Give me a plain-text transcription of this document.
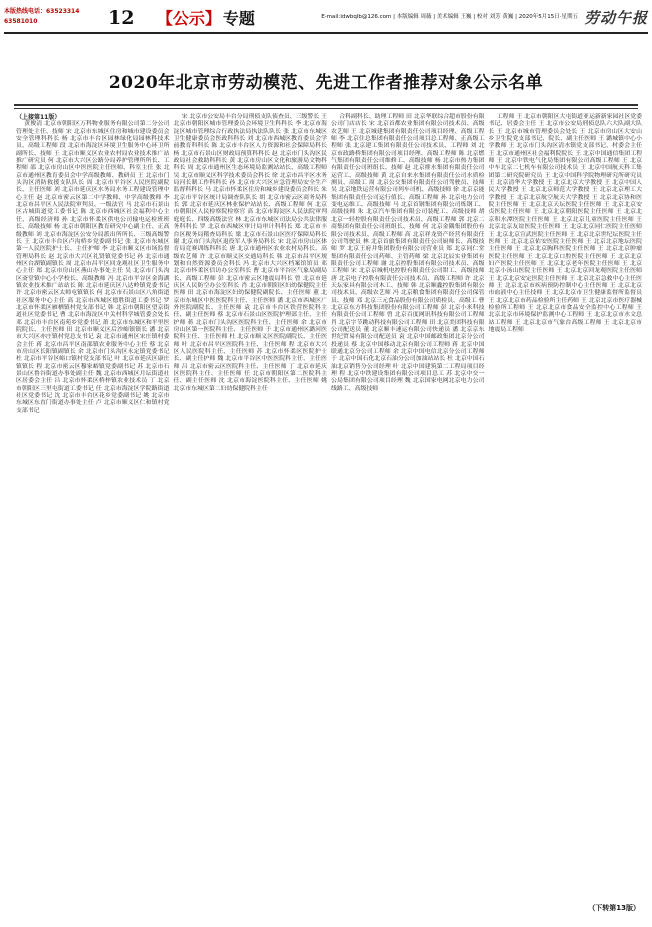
本版热线电话：63523314 63581010	12	【公示】 专题	E-mail:ldwbqlb@126.com | 本版编辑 周薇 | 美术编辑 王巍 | 校对 刘芳 黄巍 | 2020年5月15日·星期五 劳动午报
2020年北京市劳动模范、先进工作者推荐对象公示名单
（上接第11版）
黄俊清 北京市朝阳区万科物业服务有限公司第二分公司管理处主任、技师 宋 北京市东城区住房和城市建设委员会安全管理科科长 杨 北京市丰台区园林绿化局园林科技术员、高级工程师 段 北京市海淀区环境卫生服务中心环卫所副所长、技师 王 北京市顺义区农业农村局农业技术推广站推广研究员 何 北京市大兴区公路分局养护管理所所长、工程师 邵 北京市房山区中医医院主任医师、科室主任 张 北京市通州区教育委员会中学高级教师、教研员 王 北京市门头沟区消防救援支队队长 周 北京市平谷区人民医院副院长、主任医师 刘 北京市延庆区水务局水务工程建设管理中心主任 赵 北京市密云区第二中学教师、中学高级教师 李 北京市昌平区人民法院审判员、一级法官 马 北京市石景山区古城街道党工委书记 陈 北京市西城区社会福利中心主任、高级经济师 孙 北京市怀柔区供电公司输电运检班班长、高级技师 杨 北京市朝阳区教育研究中心副主任、正高级教师 刘 北京市海淀区公安分局派出所所长、三级高级警长 王 北京市丰台区卢沟桥乡党委副书记 张 北京市东城区第一人民医院护士长、主任护师 李 北京市顺义区市场监督管理局科长 赵 北京市大兴区礼贤镇党委书记 孙 北京市通州区台湖镇副镇长 周 北京市昌平区回龙观社区卫生服务中心主任 郑 北京市房山区燕山办事处主任 吴 北京市门头沟区斋堂镇中心小学校长、高级教师 冯 北京市平谷区金海湖镇农业技术推广站站长 陈 北京市延庆区八达岭镇党委书记 许 北京市密云区太师屯镇镇长 何 北京市石景山区八角街道社区服务中心主任 高 北京市西城区德胜街道工委书记 罗 北京市怀柔区雁栖镇村党支部书记 韩 北京市朝阳区望京街道社区党委书记 曹 北京市海淀区中关村科学城管委会处长 邓 北京市丰台区南苑乡党委书记 萧 北京市东城区和平里医院院长、主任医师 田 北京市顺义区后沙峪镇镇长 潘 北京市大兴区亦庄镇村党总支书记 袁 北京市通州区宋庄镇村委会主任 蒋 北京市昌平区南邵镇农业服务中心主任 蔡 北京市房山区长阳镇副镇长 余 北京市门头沟区永定镇党委书记 杜 北京市平谷区峪口镇村党支部书记 叶 北京市延庆区康庄镇镇长 程 北京市密云区穆家峪镇党委副书记 苏 北京市石景山区鲁谷街道办事处副主任 魏 北京市西城区月坛街道社区居委会主任 吕 北京市怀柔区桥梓镇农业技术员 丁 北京市朝阳区三里屯街道工委书记 任 北京市海淀区学院路街道社区党委书记 沈 北京市丰台区花乡党委副书记 姚 北京市东城区东直门街道办事处主任 卢 北京市顺义区仁和镇村党支部书记
宋 北京市公安局丰台分局刑侦支队侦查员、三级警长 王 北京市朝阳区城市管理委员会环境卫生科科长 李 北京市海淀区城市管理综合行政执法局执法队队长 张 北京市东城区卫生健康委员会医政科科长 刘 北京市西城区教育委员会学前教育科科长 陈 北京市丰台区人力资源和社会保障局科长 杨 北京市石景山区财政局预算科科长 赵 北京市门头沟区民政局社会救助科科长 黄 北京市房山区文化和旅游局文物科科长 周 北京市通州区生态环境局监测站站长、高级工程师 吴 北京市顺义区科学技术委员会科长 徐 北京市昌平区水务局河长制工作科科长 孙 北京市大兴区应急管理局安全生产监督科科长 马 北京市怀柔区住房和城乡建设委员会科长 朱 北京市平谷区统计局调查队队长 胡 北京市密云区商务局科长 郭 北京市延庆区林业保护站站长、高级工程师 何 北京市朝阳区人民检察院检察官 高 北京市海淀区人民法院审判庭庭长、四级高级法官 林 北京市东城区司法局公共法律服务科科长 罗 北京市西城区审计局审计科科长 郑 北京市丰台区税务局稽查局科长 梁 北京市石景山区医疗保障局科长 谢 北京市门头沟区退役军人事务局科长 宋 北京市房山区体育局竞赛训练科科长 唐 北京市通州区农业农村局科长、高级农艺师 许 北京市顺义区交通局科长 韩 北京市昌平区规划和自然资源委员会科长 冯 北京市大兴区档案馆馆员 邓 北京市怀柔区信访办公室科长 曹 北京市平谷区气象局副局长、高级工程师 彭 北京市密云区地震局科长 曾 北京市延庆区人民防空办公室科长 肖 北京市朝阳区妇幼保健院主任医师 田 北京市海淀区妇幼保健院副院长、主任医师 董 北京市东城区中医医院科主任、主任医师 潘 北京市西城区广外医院副院长、主任医师 袁 北京市丰台区铁营医院科主任、副主任医师 蔡 北京市石景山区医院护理部主任、主任护师 蒋 北京市门头沟区医院科主任、主任医师 余 北京市房山区第一医院科主任、主任医师 于 北京市通州区潞河医院科主任、主任医师 杜 北京市顺义区医院副院长、主任医师 叶 北京市昌平区医院科主任、主任医师 程 北京市大兴区人民医院科主任、主任医师 苏 北京市怀柔区医院护士长、副主任护师 魏 北京市平谷区中医医院科主任、主任医师 吕 北京市密云区医院科主任、主任医师 丁 北京市延庆区医院科主任、主任医师 任 北京市朝阳区第二医院科主任、副主任医师 沈 北京市海淀医院科主任、主任医师 姚 北京市东城区第二妇幼保健院科主任
合科副科长、助理工程师 田 北京华联综合超市股份有限公司门店店长 宋 北京首都农业集团有限公司技术员、高级农艺师 王 北京城建集团有限责任公司项目经理、高级工程师 李 北京住总集团有限责任公司项目总工程师、正高级工程师 张 北京建工集团有限责任公司技术员、工程师 刘 北京市政路桥集团有限公司项目经理、高级工程师 陈 北京燃气集团有限责任公司维修工、高级技师 杨 北京市热力集团有限责任公司班组长、技师 赵 北京排水集团有限责任公司运营工、高级技师 黄 北京自来水集团有限责任公司水质检测员、高级工 周 北京公交集团有限责任公司驾驶员、技师 吴 北京地铁运营有限公司列车司机、高级技师 徐 北京京能集团有限责任公司运行值长、高级工程师 孙 北京电力公司变电运维工、高级技师 马 北京首钢集团有限公司炼钢工、高级技师 朱 北京汽车集团有限公司装配工、高级技师 胡 北京一轻控股有限责任公司技术员、高级工程师 郭 北京二商集团有限责任公司班组长、技师 何 北京金隅集团股份有限公司技术员、高级工程师 高 北京祥龙资产经营有限责任公司驾驶员 林 北京首旅集团有限责任公司厨师长、高级技师 罗 北京王府井集团股份有限公司营业员 郑 北京同仁堂集团有限责任公司药师、主管药师 梁 北京北辰实业集团有限责任公司工程师 谢 北京控股集团有限公司技术员、高级工程师 宋 北京京城机电控股有限责任公司钳工、高级技师 唐 北京电子控股有限责任公司技术员、高级工程师 许 北京天坛家具有限公司木工、技师 韩 北京顺鑫控股集团有限公司技术员、高级农艺师 冯 北京粮食集团有限责任公司保管员、技师 邓 北京三元食品股份有限公司质检员、高级工 曹 北京京东方科技集团股份有限公司工程师 彭 北京小米科技有限责任公司工程师 曾 北京百度网讯科技有限公司工程师 肖 北京字节跳动科技有限公司工程师 田 北京美团科技有限公司配送员 董 北京顺丰速运有限公司快递员 潘 北京京东世纪贸易有限公司配送员 袁 北京中国邮政集团北京分公司投递员 蔡 北京中国移动北京有限公司工程师 蒋 北京中国联通北京分公司工程师 余 北京中国电信北京分公司工程师 于 北京中国石化北京石油分公司加油站站长 杜 北京中国石油北京销售分公司经理 叶 北京中国建筑第二工程局项目经理 程 北京中铁建设集团有限公司项目总工 苏 北京中交一公局集团有限公司项目经理 魏 北京国家电网北京电力公司线路工、高级技师
工程师 王 北京市朝阳区大屯街道亚运新新家园社区党委书记、居委会主任 王 北京市公安局刑侦总队六大队副大队长 王 北京市城市管理委员会处长 王 北京市房山区大安山乡卫生院党支部书记、院长、副主任医师 王 潞城镇中心小学教师 王 北京市门头沟区清水镇党支部书记、村委会主任 王 北京市通州区社会福利院院长 王 北京中国通信集团工程师 王 北京中铁电气化局集团有限公司高级工程师 王 北京中车北京二七机车有限公司技术员 王 北京中国航天科工集团第二研究院研究员 王 北京中国科学院物理研究所研究员 王 北京清华大学教授 王 北京北京大学教授 王 北京中国人民大学教授 王 北京北京师范大学教授 王 北京北京理工大学教授 王 北京北京航空航天大学教授 王 北京北京协和医院主任医师 王 北京北京天坛医院主任医师 王 北京北京安贞医院主任医师 王 北京北京朝阳医院主任医师 王 北京北京积水潭医院主任医师 王 北京北京儿童医院主任医师 王 北京北京友谊医院主任医师 王 北京北京同仁医院主任医师 王 北京北京宣武医院主任医师 王 北京北京世纪坛医院主任医师 王 北京北京佑安医院主任医师 王 北京北京地坛医院主任医师 王 北京北京胸科医院主任医师 王 北京北京肿瘤医院主任医师 王 北京北京口腔医院主任医师 王 北京北京妇产医院主任医师 王 北京北京老年医院主任医师 王 北京北京小汤山医院主任医师 王 北京北京回龙观医院主任医师 王 北京北京安定医院主任医师 王 北京北京急救中心主任医师 王 北京北京市疾病预防控制中心主任医师 王 北京北京市血液中心主任技师 王 北京北京市卫生健康监督所监督员 王 北京北京市药品检验所主任药师 王 北京北京市医疗器械检验所工程师 王 北京北京市食品安全监控中心工程师 王 北京北京市环境保护监测中心工程师 王 北京北京市水文总站工程师 王 北京北京市气象台高级工程师 王 北京北京市地震局工程师
（下转第13版）
